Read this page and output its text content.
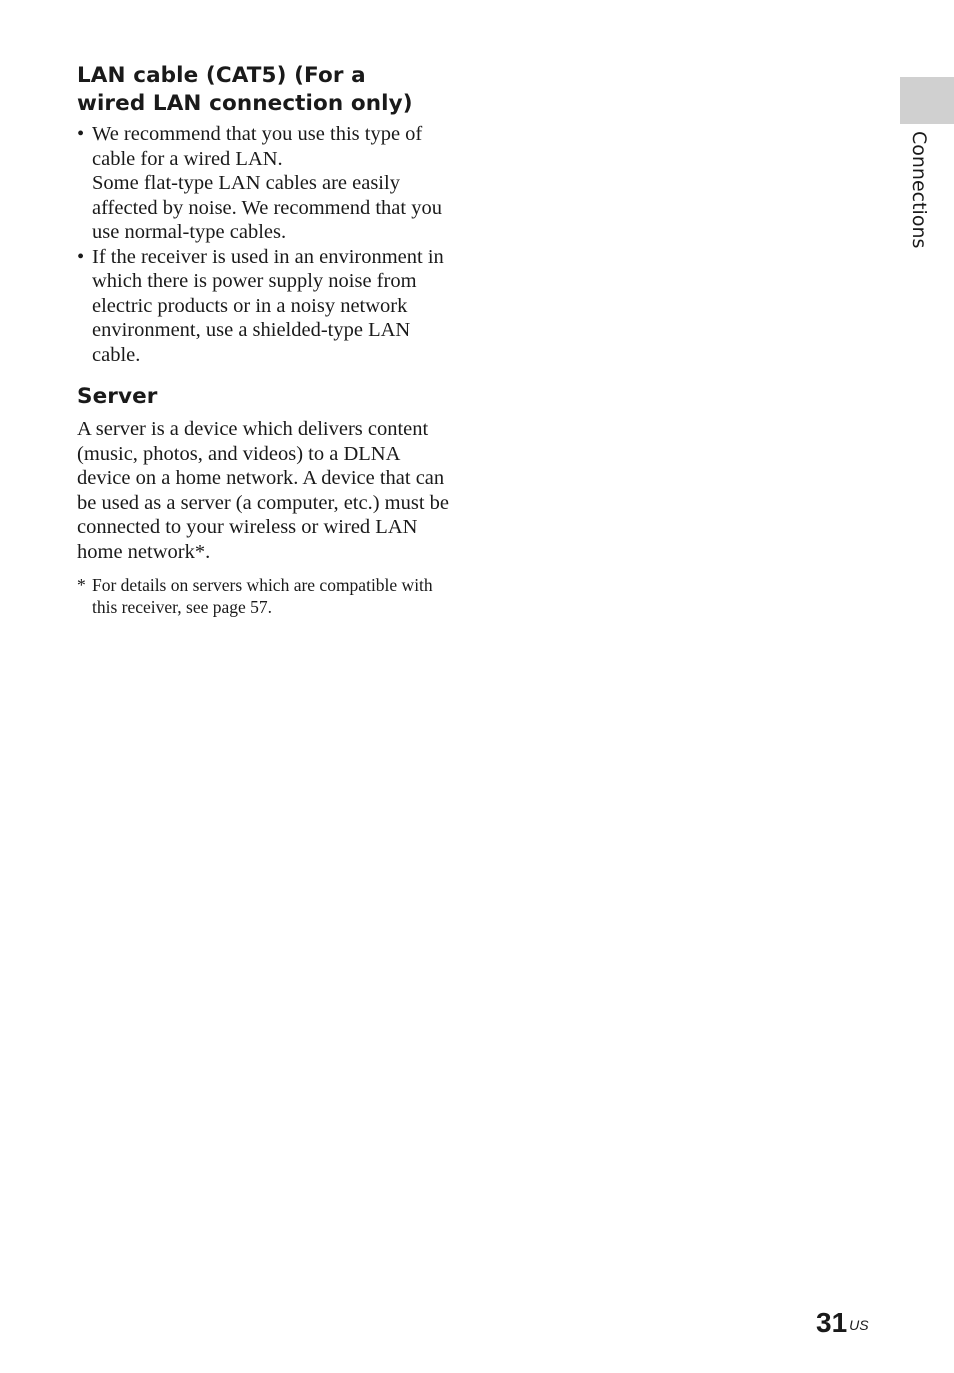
LAN cable (CAT5) (For a
wired LAN connection only)
• We recommend that you use this type of cable for a wired LAN.

Some flat-type LAN cables are easily affected by noise. We recommend that you use normal-type cables.

• If the receiver is used in an environment in which there is power supply noise from electric products or in a noisy network environment, use a shielded-type LAN cable.

Server

A server is a device which delivers content (music, photos, and videos) to a DLNA device on a home network. A device that can be used as a server (a computer, etc.) must be connected to your wireless or wired LAN home network*.

* For details on servers which are compatible with this receiver, see page 57.
Connections
31 $^{US}$
